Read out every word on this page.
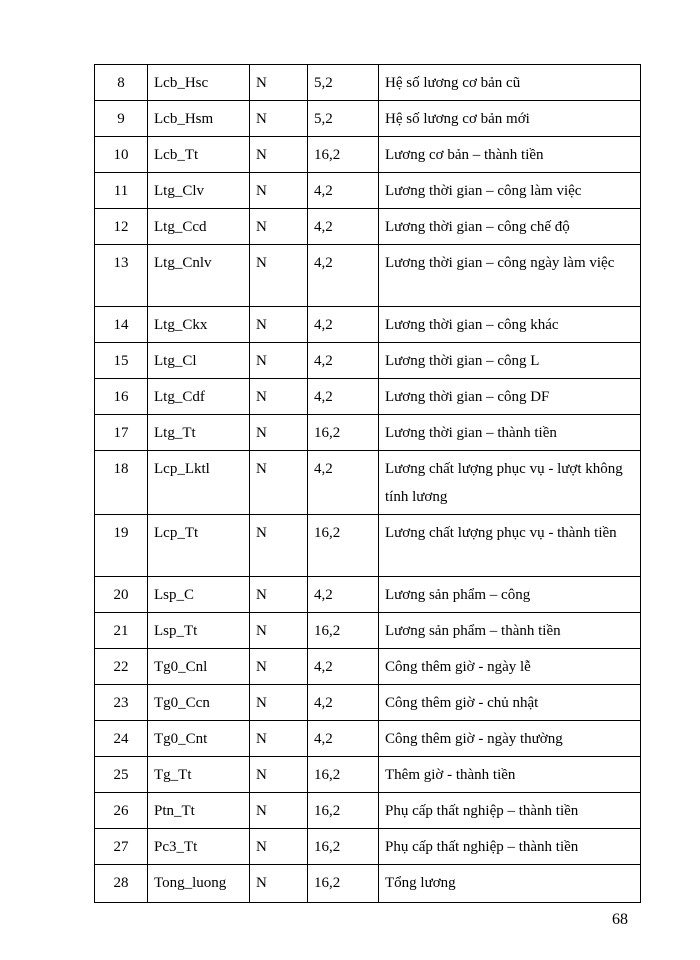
8	Lcb_Hsc	N	5,2	Hệ số lương cơ bản cũ
9	Lcb_Hsm	N	5,2	Hệ số lương cơ bản mới
10	Lcb_Tt	N	16,2	Lương cơ bản – thành tiền
11	Ltg_Clv	N	4,2	Lương thời gian – công làm việc
12	Ltg_Ccd	N	4,2	Lương thời gian – công chế độ
13	Ltg_Cnlv	N	4,2	Lương thời gian – công ngày làm việc
14	Ltg_Ckx	N	4,2	Lương thời gian – công khác
15	Ltg_Cl	N	4,2	Lương thời gian – công L
16	Ltg_Cdf	N	4,2	Lương thời gian – công DF
17	Ltg_Tt	N	16,2	Lương thời gian – thành tiền
18	Lcp_Lktl	N	4,2	Lương chất lượng phục vụ - lượt không tính lương
19	Lcp_Tt	N	16,2	Lương chất lượng phục vụ - thành tiền
20	Lsp_C	N	4,2	Lương sản phẩm – công
21	Lsp_Tt	N	16,2	Lương sản phẩm – thành tiền
22	Tg0_Cnl	N	4,2	Công thêm giờ - ngày lễ
23	Tg0_Ccn	N	4,2	Công thêm giờ - chủ nhật
24	Tg0_Cnt	N	4,2	Công thêm giờ - ngày thường
25	Tg_Tt	N	16,2	Thêm giờ - thành tiền
26	Ptn_Tt	N	16,2	Phụ cấp thất nghiệp – thành tiền
27	Pc3_Tt	N	16,2	Phụ cấp thất nghiệp – thành tiền
28	Tong_luong	N	16,2	Tổng lương
68
